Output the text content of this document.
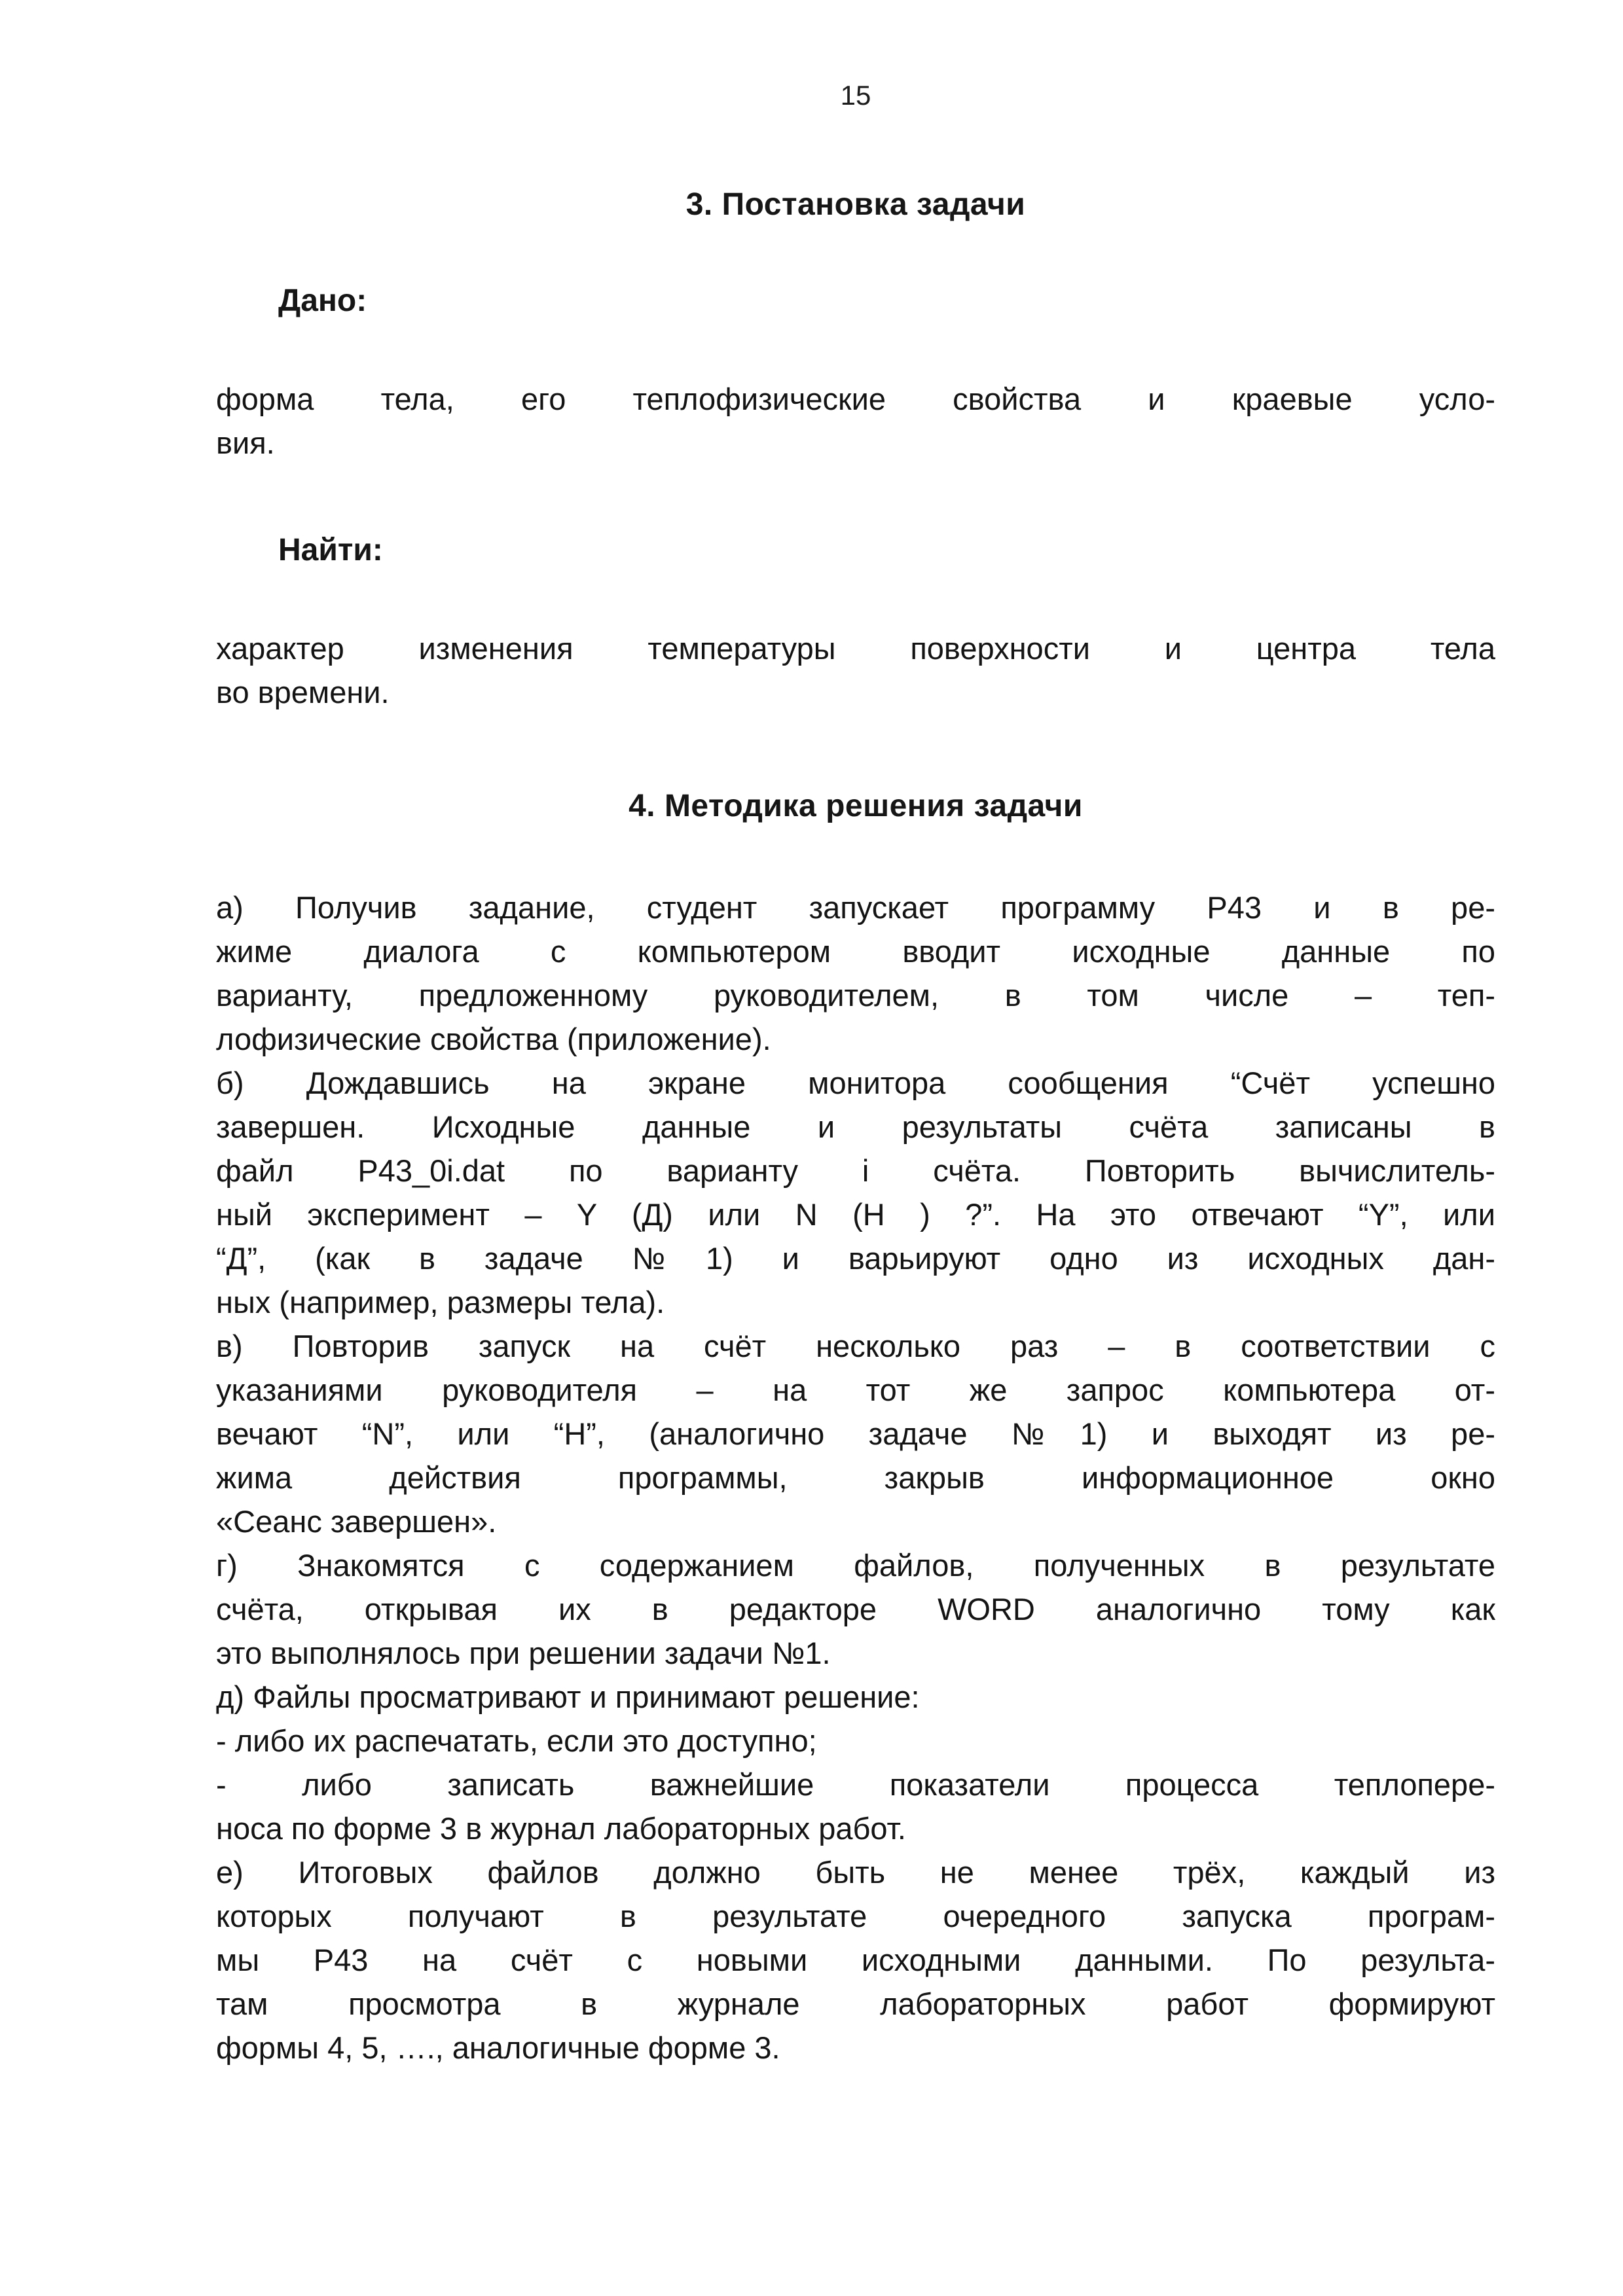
15
3. Постановка задачи
Дано:
форма тела, его теплофизические свойства и краевые усло-
вия.
Найти:
характер изменения температуры поверхности и центра тела
во времени.
4. Методика решения задачи
а) Получив задание, студент запускает программу Р43 и в ре-
жиме диалога с компьютером вводит исходные данные по
варианту, предложенному руководителем, в том числе – теп-
лофизические свойства (приложение).
б) Дождавшись на экране монитора сообщения “Счёт успешно
завершен. Исходные данные и результаты счёта записаны в
файл Р43_0i.dat по варианту i счёта. Повторить вычислитель-
ный эксперимент – Y (Д) или N (Н ) ?”. На это отвечают “Y”, или
“Д”, (как в задаче №1) и варьируют одно из исходных дан-
ных (например, размеры тела).
в) Повторив запуск на счёт несколько раз – в соответствии с
указаниями руководителя – на тот же запрос компьютера от-
вечают “N”, или “Н”, (аналогично задаче №1) и выходят из ре-
жима действия программы, закрыв информационное окно
«Сеанс завершен».
г) Знакомятся с содержанием файлов, полученных в результате
счёта, открывая их в редакторе WORD аналогично тому как
это выполнялось при решении задачи №1.
д) Файлы просматривают и принимают решение:
- либо их распечатать, если это доступно;
- либо записать важнейшие показатели процесса теплопере-
носа по форме 3 в журнал лабораторных работ.
е) Итоговых файлов должно быть не менее трёх, каждый из
которых получают в результате очередного запуска програм-
мы Р43 на счёт с новыми исходными данными. По результа-
там просмотра в журнале лабораторных работ формируют
формы 4, 5, …., аналогичные форме 3.
